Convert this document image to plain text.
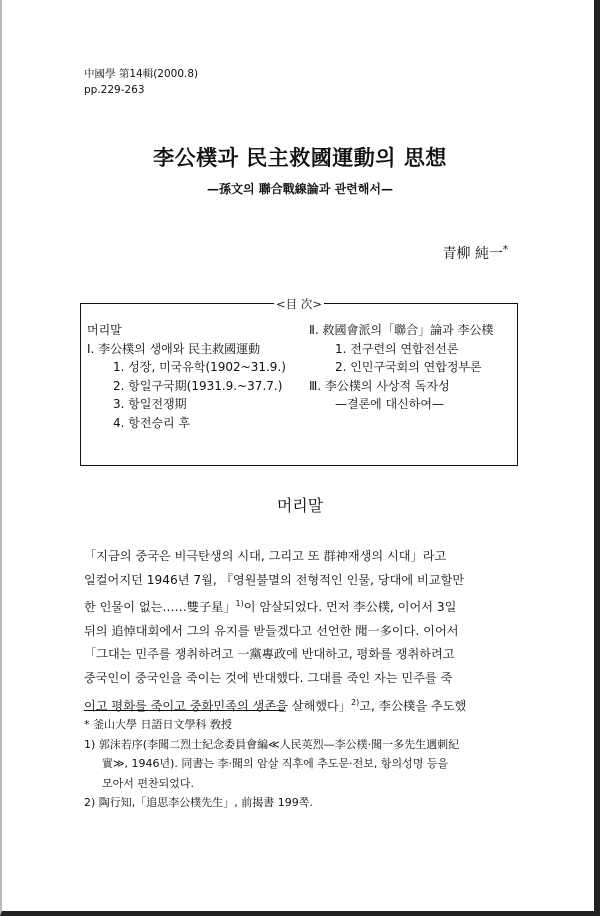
中國學 第14輯(2000.8)
pp.229-263
李公樸과 民主救國運動의 思想
—孫文의 聯合戰線論과 관련해서—
青柳 純一*
<目 次>
머리말
Ⅰ. 李公樸의 생애와 民主救國運動
1. 성장, 미국유학(1902~31.9.)
2. 항일구국期(1931.9.~37.7.)
3. 항일전쟁期
4. 항전승리 후
Ⅱ. 救國會派의「聯合」論과 李公樸
1. 전구련의 연합전선론
2. 인민구국회의 연합정부론
Ⅲ. 李公樸의 사상적 독자성
—결론에 대신하여—
머리말
「지금의 중국은 비극탄생의 시대, 그리고 또 群神재생의 시대」라고
일컬어지던 1946년 7월, 『영원불멸의 전형적인 인물, 당대에 비교할만
한 인물이 없는……雙子星」$^{1)}$이 암살되었다. 먼저 李公樸, 이어서 3일
뒤의 追悼대회에서 그의 유지를 받들겠다고 선언한 聞一多이다. 이어서
「그대는 민주를 쟁취하려고 一黨專政에 반대하고, 평화를 쟁취하려고
중국인이 중국인을 죽이는 것에 반대했다. 그대를 죽인 자는 민주를 죽
이고 평화를 죽이고 중화민족의 생존을 살해했다」$^{2)}$고, 李公樸을 추도했
* 釜山大學 日語日文學科 敎授
1) 郭沫若序(李聞二烈士紀念委員會編≪人民英烈—李公樸·聞一多先生遇刺紀
實≫, 1946년). 同書는 李·聞의 암살 직후에 추도문·전보, 항의성명 등을
모아서 편찬되었다.
2) 陶行知,「追思李公樸先生」, 前揭書 199쪽.
